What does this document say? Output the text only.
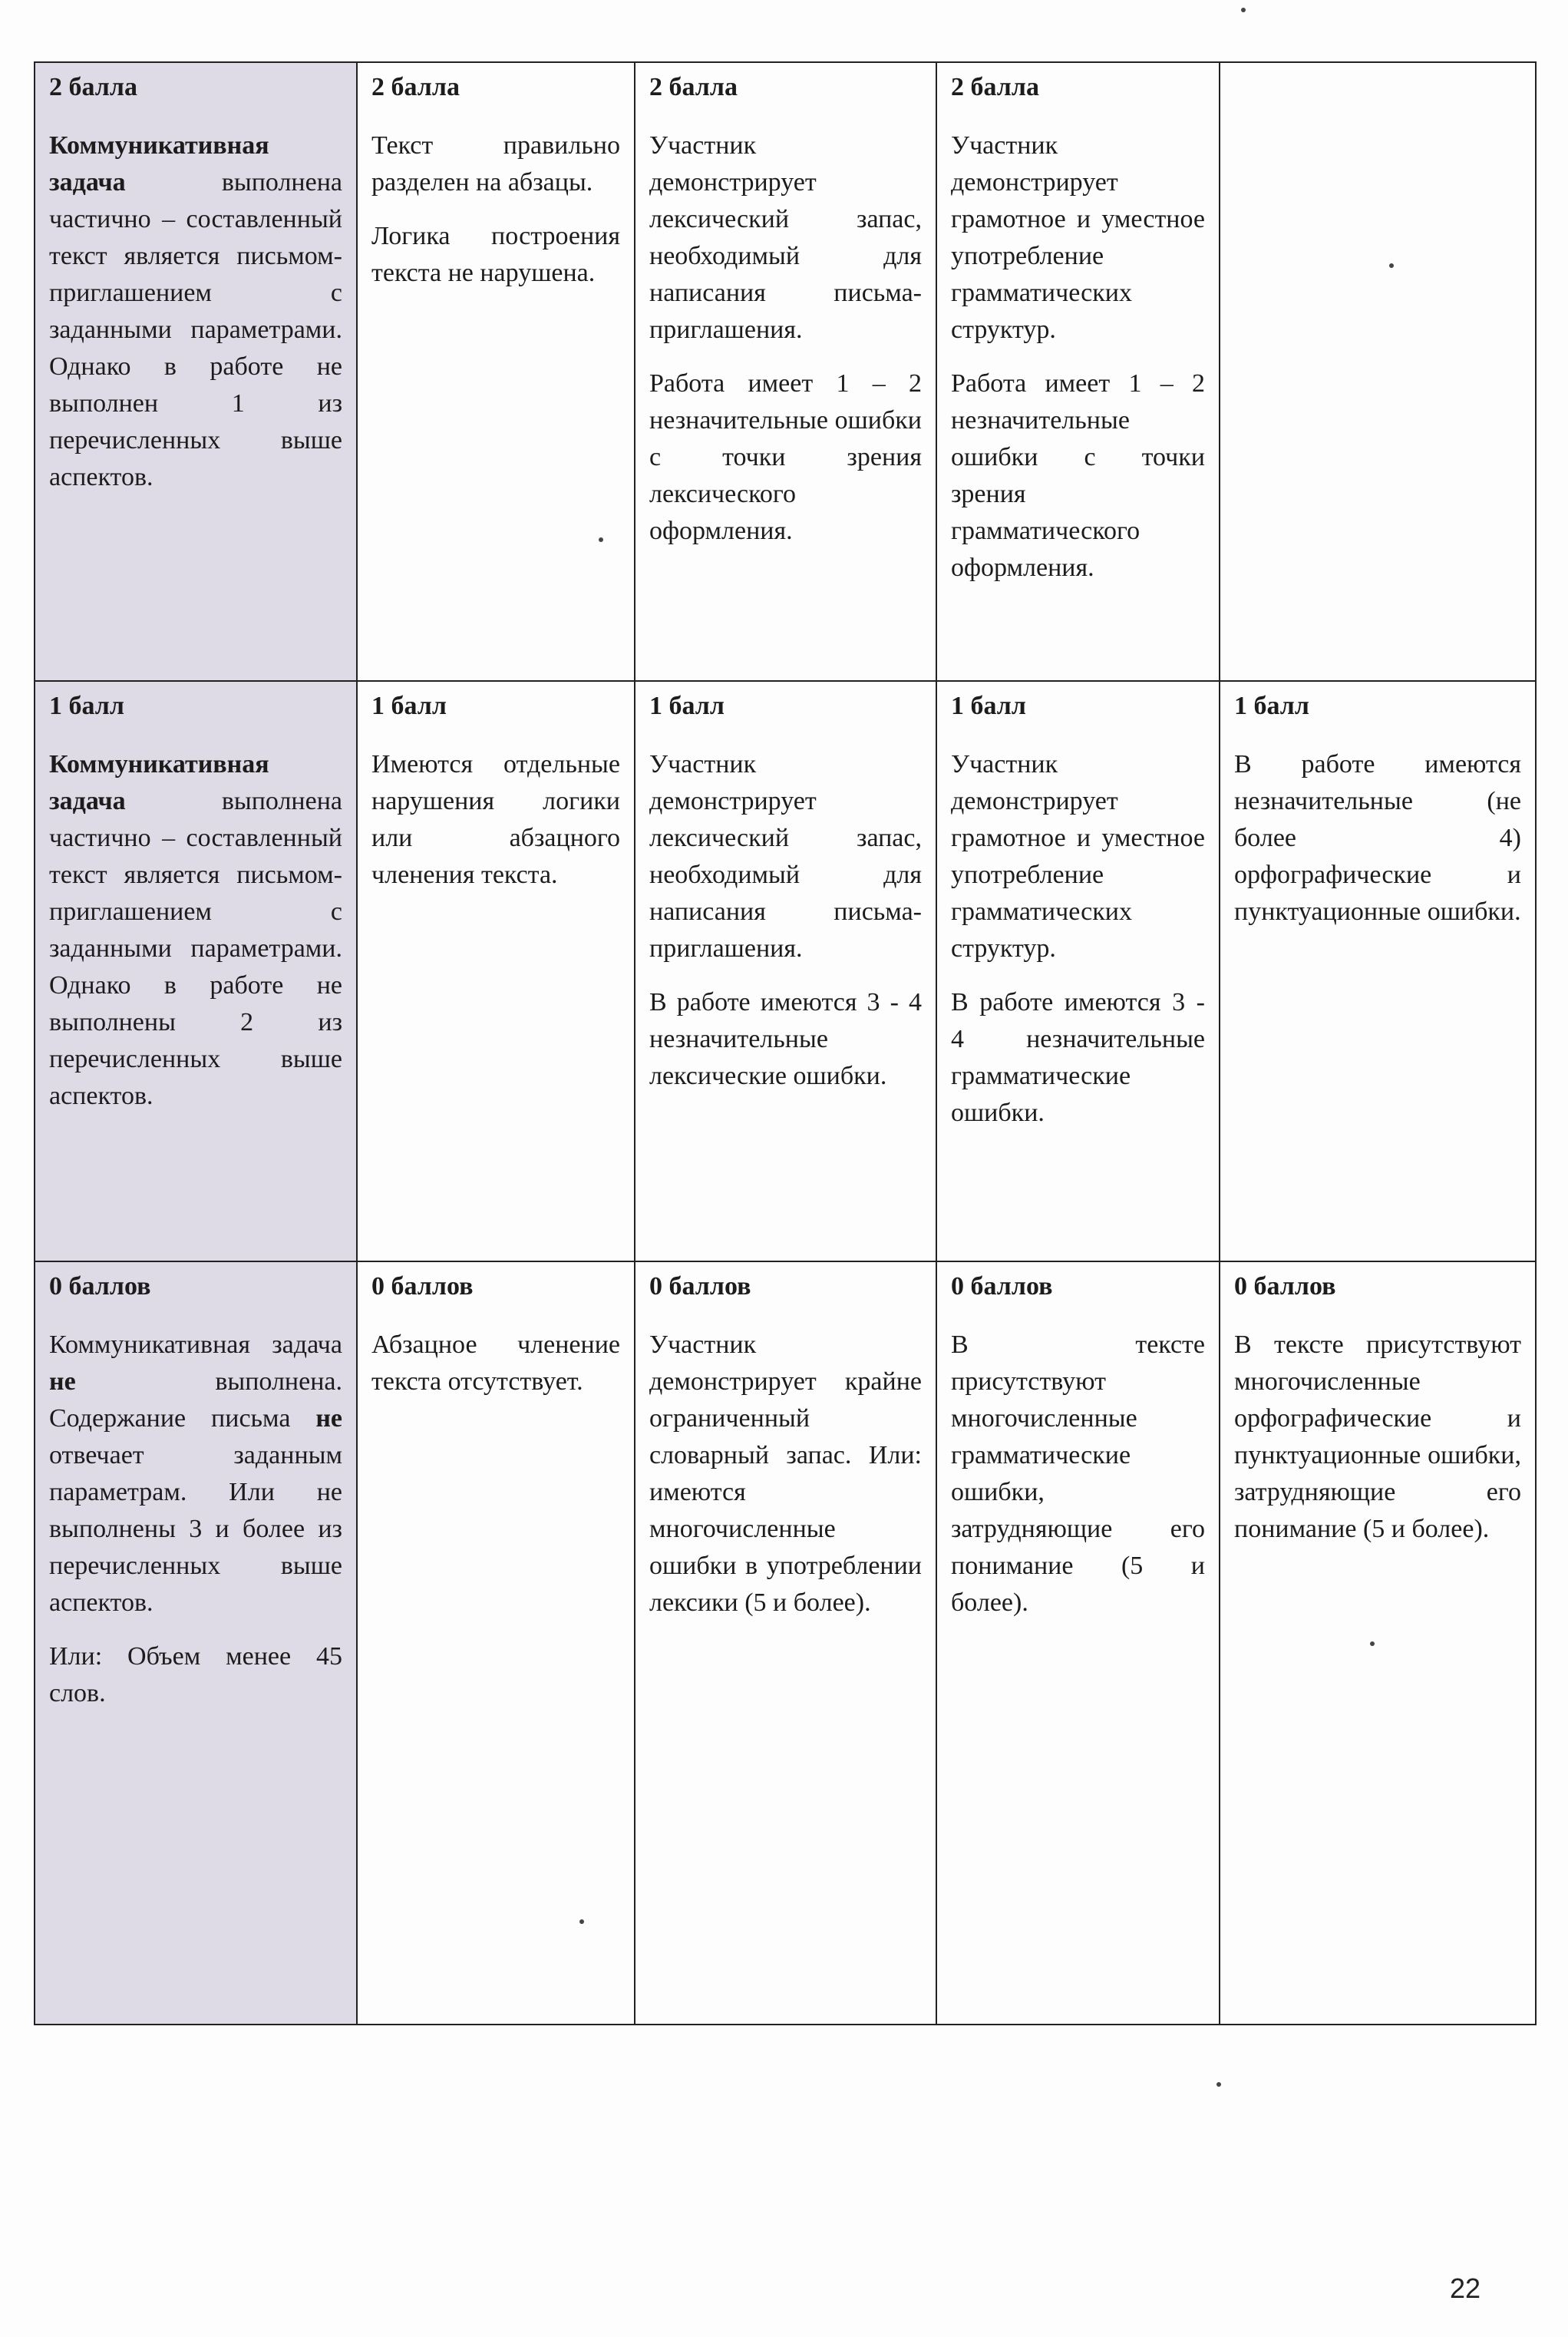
2 балла
Коммуникативная задача выполнена частично – составленный текст является письмом-приглашением с заданными параметрами. Однако в работе не выполнен 1 из перечисленных выше аспектов.	2 балла
Текст правильно разделен на абзацы.
Логика построения текста не нарушена.	2 балла
Участник демонстрирует лексический запас, необходимый для написания письма-приглашения.
Работа имеет 1 – 2 незначительные ошибки с точки зрения лексического оформления.	2 балла
Участник демонстрирует грамотное и уместное употребление грамматических структур.
Работа имеет 1 – 2 незначительные ошибки с точки зрения грамматического оформления.	

1 балл
Коммуникативная задача выполнена частично – составленный текст является письмом-приглашением с заданными параметрами. Однако в работе не выполнены 2 из перечисленных выше аспектов.	1 балл
Имеются отдельные нарушения логики или абзацного членения текста.	1 балл
Участник демонстрирует лексический запас, необходимый для написания письма-приглашения.
В работе имеются 3 - 4 незначительные лексические ошибки.	1 балл
Участник демонстрирует грамотное и уместное употребление грамматических структур.
В работе имеются 3 - 4 незначительные грамматические ошибки.	1 балл
В работе имеются незначительные (не более 4) орфографические и пунктуационные ошибки.

0 баллов
Коммуникативная задача не выполнена. Содержание письма не отвечает заданным параметрам. Или не выполнены 3 и более из перечисленных выше аспектов.
Или: Объем менее 45 слов.	0 баллов
Абзацное членение текста отсутствует.	0 баллов
Участник демонстрирует крайне ограниченный словарный запас. Или: имеются многочисленные ошибки в употреблении лексики (5 и более).	0 баллов
В тексте присутствуют многочисленные грамматические ошибки, затрудняющие его понимание (5 и более).	0 баллов
В тексте присутствуют многочисленные орфографические и пунктуационные ошибки, затрудняющие его понимание (5 и более).
22
